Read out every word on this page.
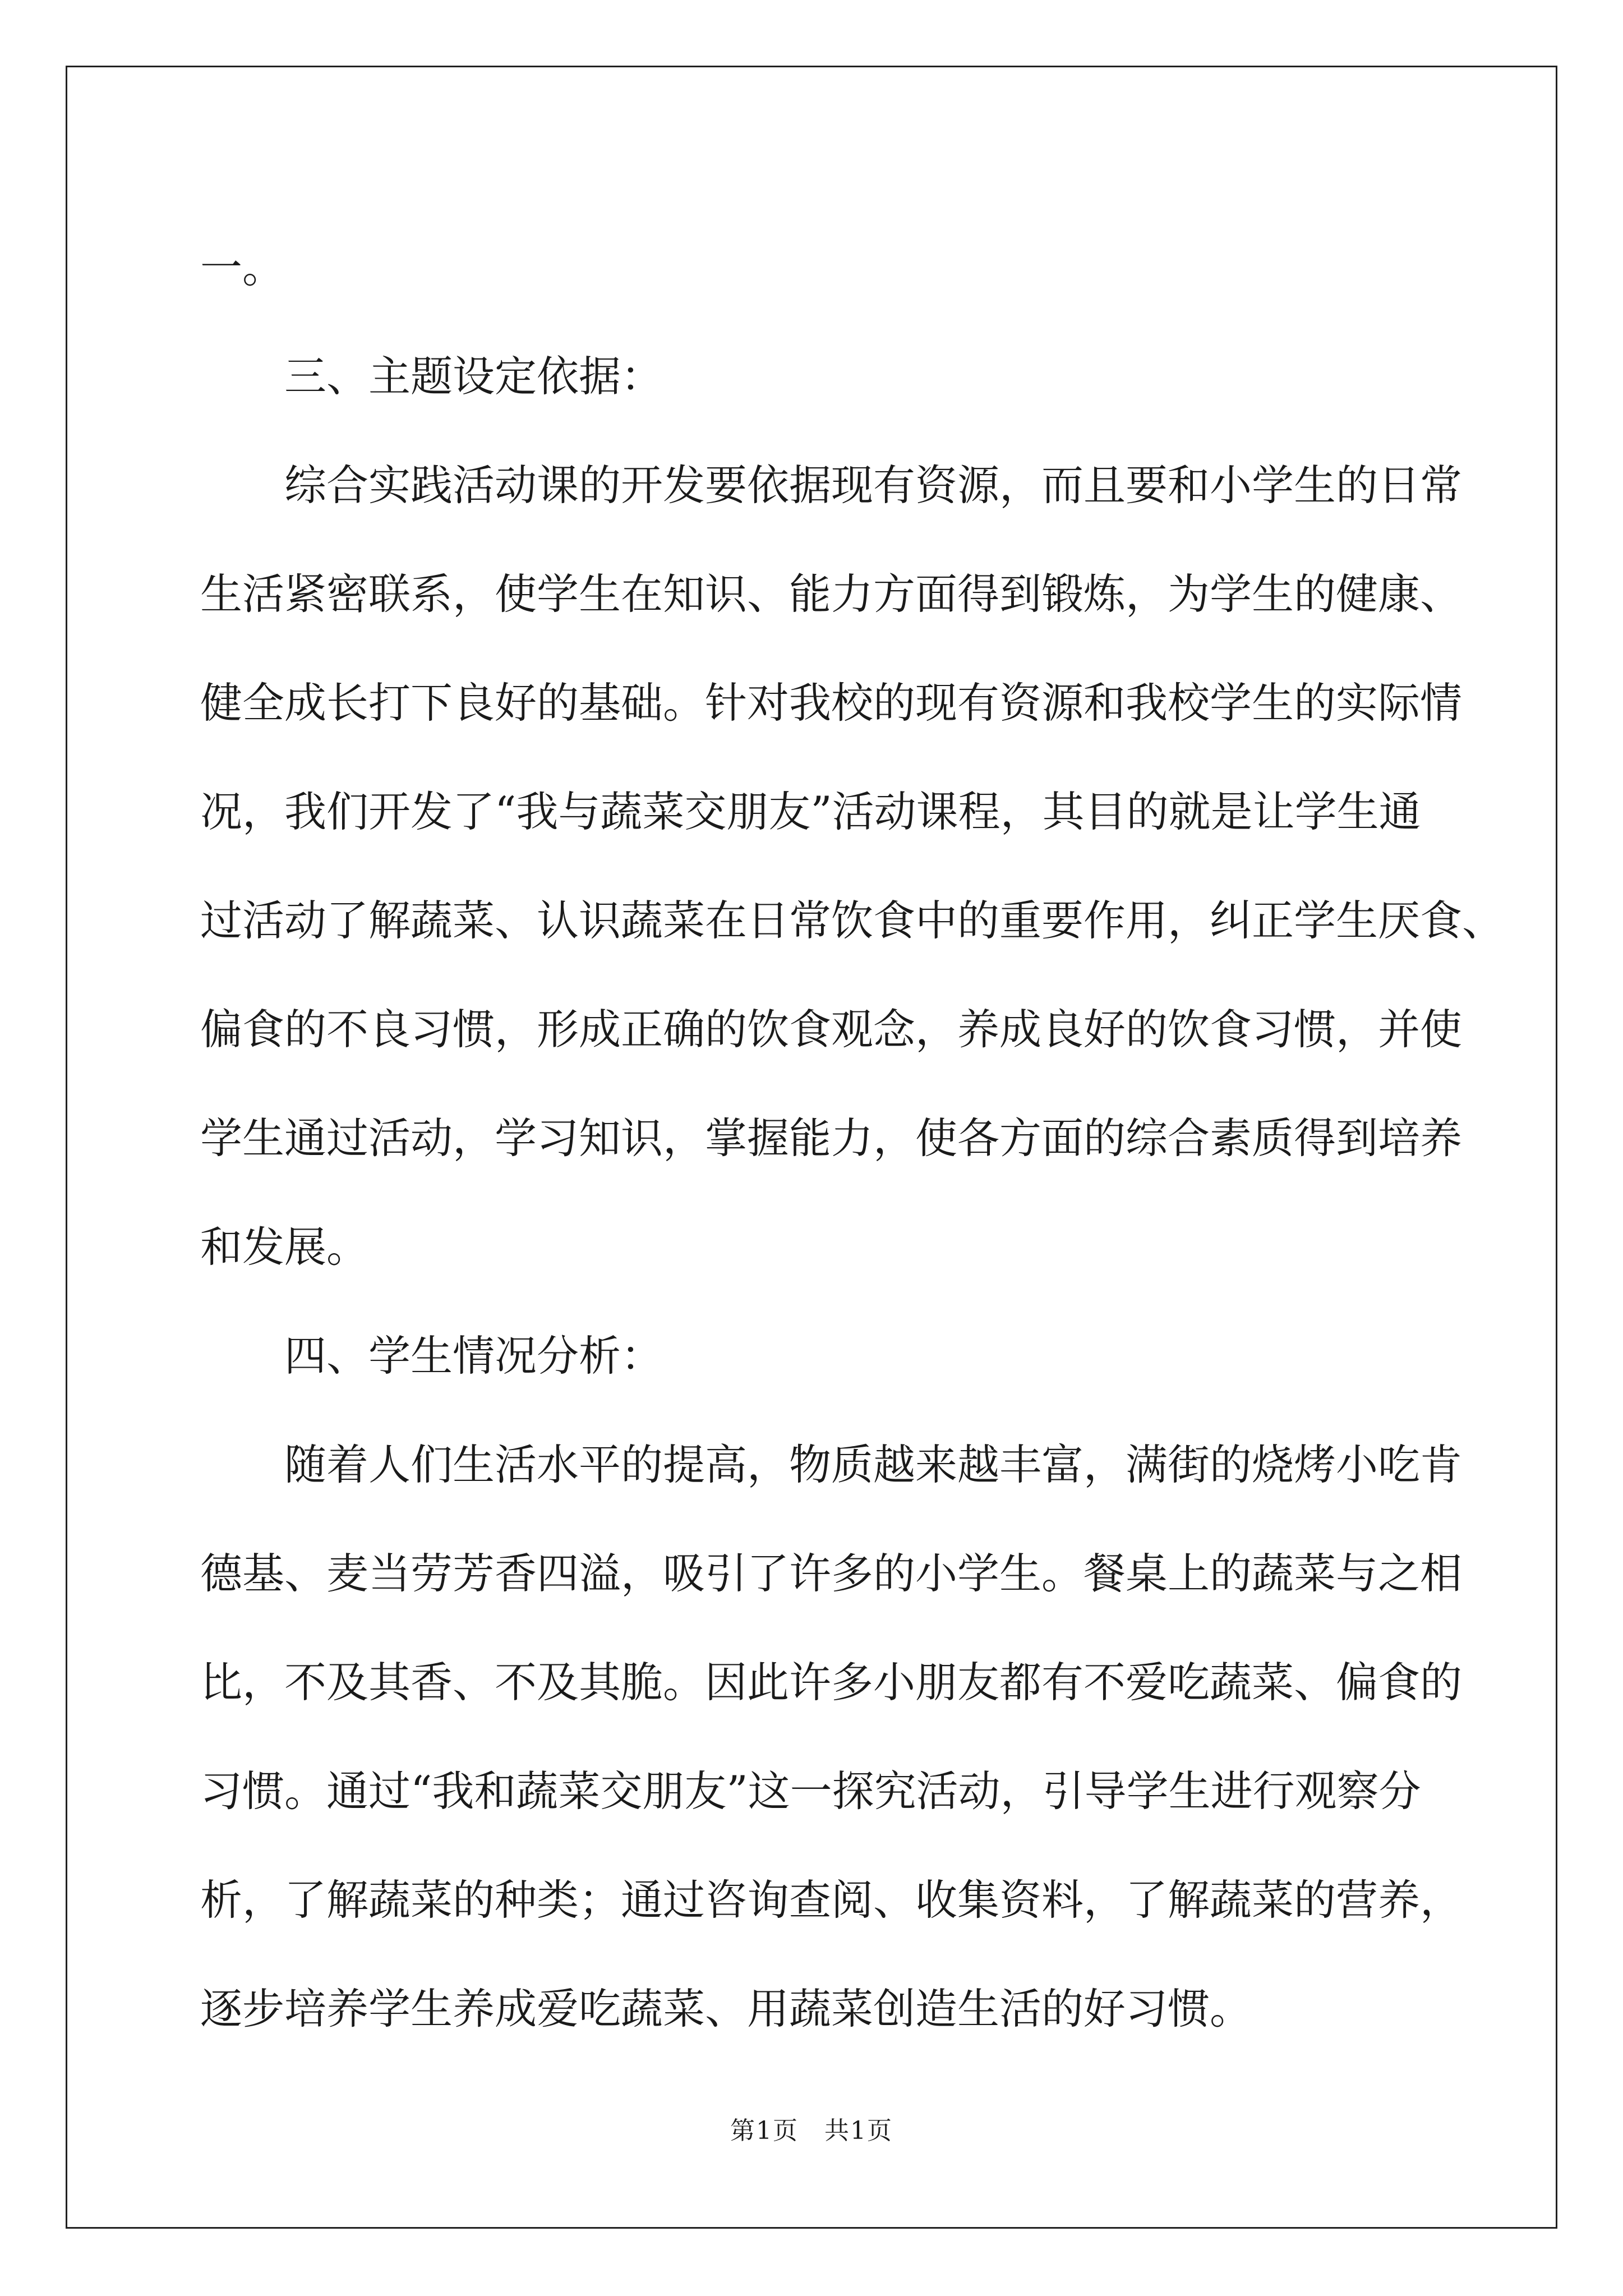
一。
三、主题设定依据：
综合实践活动课的开发要依据现有资源，而且要和小学生的日常
生活紧密联系，使学生在知识、能力方面得到锻炼，为学生的健康、
健全成长打下良好的基础。针对我校的现有资源和我校学生的实际情
况，我们开发了“我与蔬菜交朋友”活动课程，其目的就是让学生通
过活动了解蔬菜、认识蔬菜在日常饮食中的重要作用，纠正学生厌食、
偏食的不良习惯，形成正确的饮食观念，养成良好的饮食习惯，并使
学生通过活动，学习知识，掌握能力，使各方面的综合素质得到培养
和发展。
四、学生情况分析：
随着人们生活水平的提高，物质越来越丰富，满街的烧烤小吃肯
德基、麦当劳芳香四溢，吸引了许多的小学生。餐桌上的蔬菜与之相
比，不及其香、不及其脆。因此许多小朋友都有不爱吃蔬菜、偏食的
习惯。通过“我和蔬菜交朋友”这一探究活动，引导学生进行观察分
析，了解蔬菜的种类；通过咨询查阅、收集资料，了解蔬菜的营养，
逐步培养学生养成爱吃蔬菜、用蔬菜创造生活的好习惯。
第1页　共1页
